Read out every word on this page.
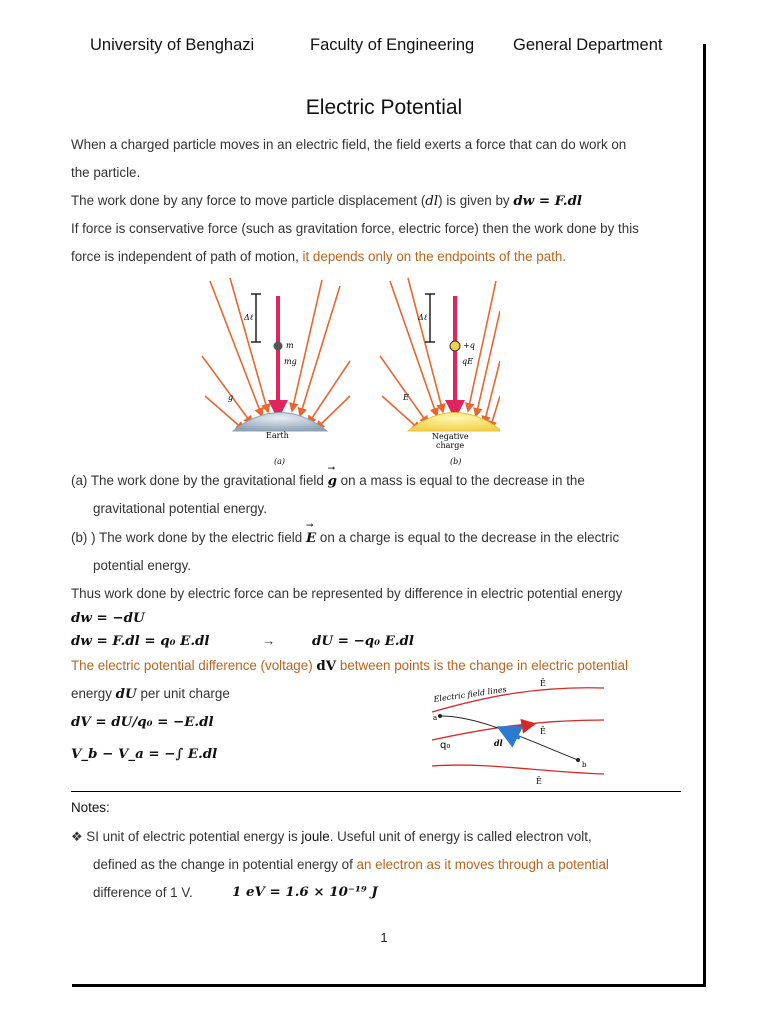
University of Benghazi	Faculty of Engineering General Department
Electric Potential
When a charged particle moves in an electric field, the field exerts a force that can do work on
the particle.
The work done by any force to move particle displacement (dl) is given by dw = F.dl
If force is conservative force (such as gravitation force, electric force) then the work done by this
force is independent of path of motion, it depends only on the endpoints of the path.
Δℓ
m
mg
g
Earth
(a)
Δℓ
+q
qE
E
Negative
charge
(b)
(a) The work done by the gravitational field → g on a mass is equal to the decrease in the
gravitational potential energy.
(b) ) The work done by the electric field → E on a charge is equal to the decrease in the electric
potential energy.
Thus work done by electric force can be represented by difference in electric potential energy
dw = −dU
dw = F.dl = q₀ E.dl	→	dU = −q₀ E.dl
The electric potential difference (voltage) dV between points is the change in electric potential
energy dU per unit charge
dV = dU/q₀ = −E.dl
V_b − V_a = −∫ E.dl
Electric field lines
Ē
a
b
q₀	dl
Ē
Ē
Notes:
❖ SI unit of electric potential energy is joule. Useful unit of energy is called electron volt,
defined as the change in potential energy of an electron as it moves through a potential
difference of 1 V.	1 eV = 1.6 × 10⁻¹⁹ J
1
